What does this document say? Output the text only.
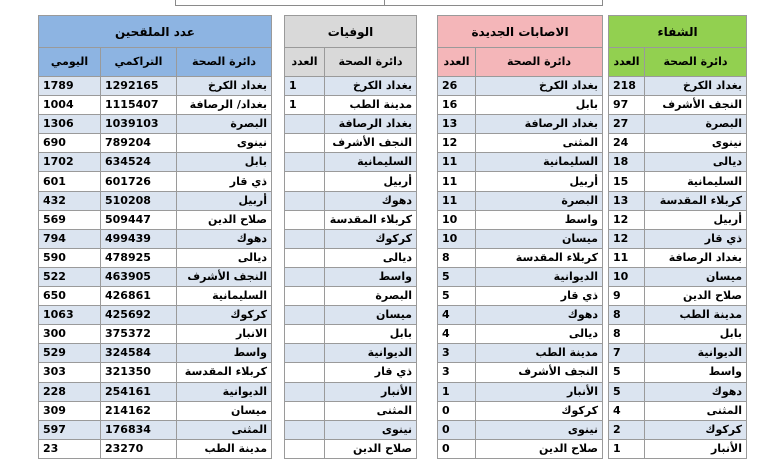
الشفاء	
العدد	دائرة الصحة
218	بغداد الكرخ
97	النجف الأشرف
27	البصرة
24	نينوى
18	ديالى
15	السليمانية
13	كربلاء المقدسة
12	أربيل
12	ذي قار
11	بغداد الرصافة
10	ميسان
9	صلاح الدين
8	مدينة الطب
8	بابل
7	الديوانية
5	واسط
5	دهوك
4	المثنى
2	كركوك
1	الأنبار
الاصابات الجديدة	
العدد	دائرة الصحة
26	بغداد الكرخ
16	بابل
13	بغداد الرصافة
12	المثنى
11	السليمانية
11	أربيل
11	البصرة
10	واسط
10	ميسان
8	كربلاء المقدسة
5	الديوانية
5	ذي قار
4	دهوك
4	ديالى
3	مدينة الطب
3	النجف الأشرف
1	الأنبار
0	كركوك
0	نينوى
0	صلاح الدين
الوفيات	
العدد	دائرة الصحة
1	بغداد الكرخ
1	مدينة الطب
	بغداد الرصافة
	النجف الأشرف
	السليمانية
	أربيل
	دهوك
	كربلاء المقدسة
	كركوك
	ديالى
	واسط
	البصرة
	ميسان
	بابل
	الديوانية
	ذي قار
	الأنبار
	المثنى
	نينوى
	صلاح الدين
عدد الملقحين		
اليومي	التراكمي	دائرة الصحة
1789	1292165	بغداد الكرخ
1004	1115407	بغداد/ الرصافة
1306	1039103	البصرة
690	789204	نينوى
1702	634524	بابل
601	601726	ذي قار
432	510208	أربيل
569	509447	صلاح الدين
794	499439	دهوك
590	478925	ديالى
522	463905	النجف الأشرف
650	426861	السليمانية
1063	425692	كركوك
300	375372	الانبار
529	324584	واسط
303	321350	كربلاء المقدسة
228	254161	الديوانية
309	214162	ميسان
597	176834	المثنى
23	23270	مدينة الطب
